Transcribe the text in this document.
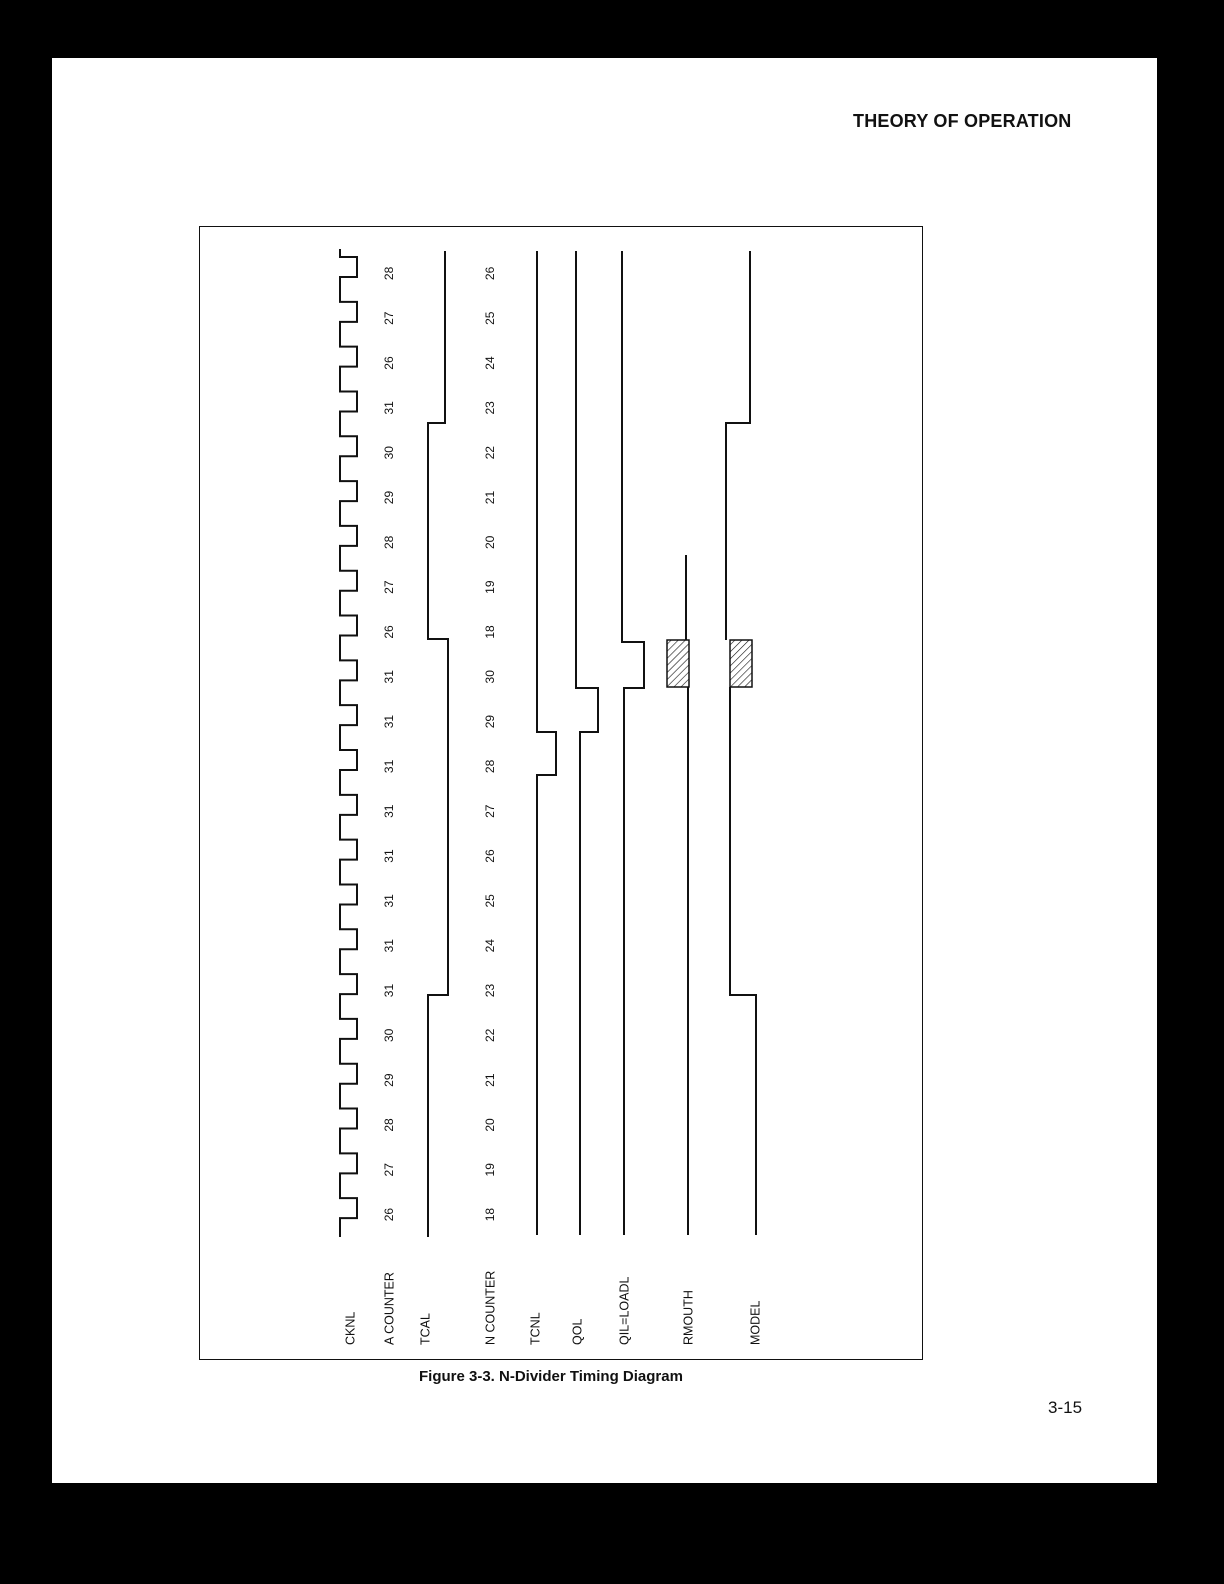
THEORY OF OPERATION
26
27
28
29
30
31
31
31
31
31
31
31
31
26
27
28
29
30
31
26
27
28
18
19
20
21
22
23
24
25
26
27
28
29
30
18
19
20
21
22
23
24
25
26
CKNL A COUNTER TCAL	N COUNTER TCNL QOL	QIL=LOADL	RMOUTH	MODEL
Figure 3-3. N-Divider Timing Diagram
3-15
